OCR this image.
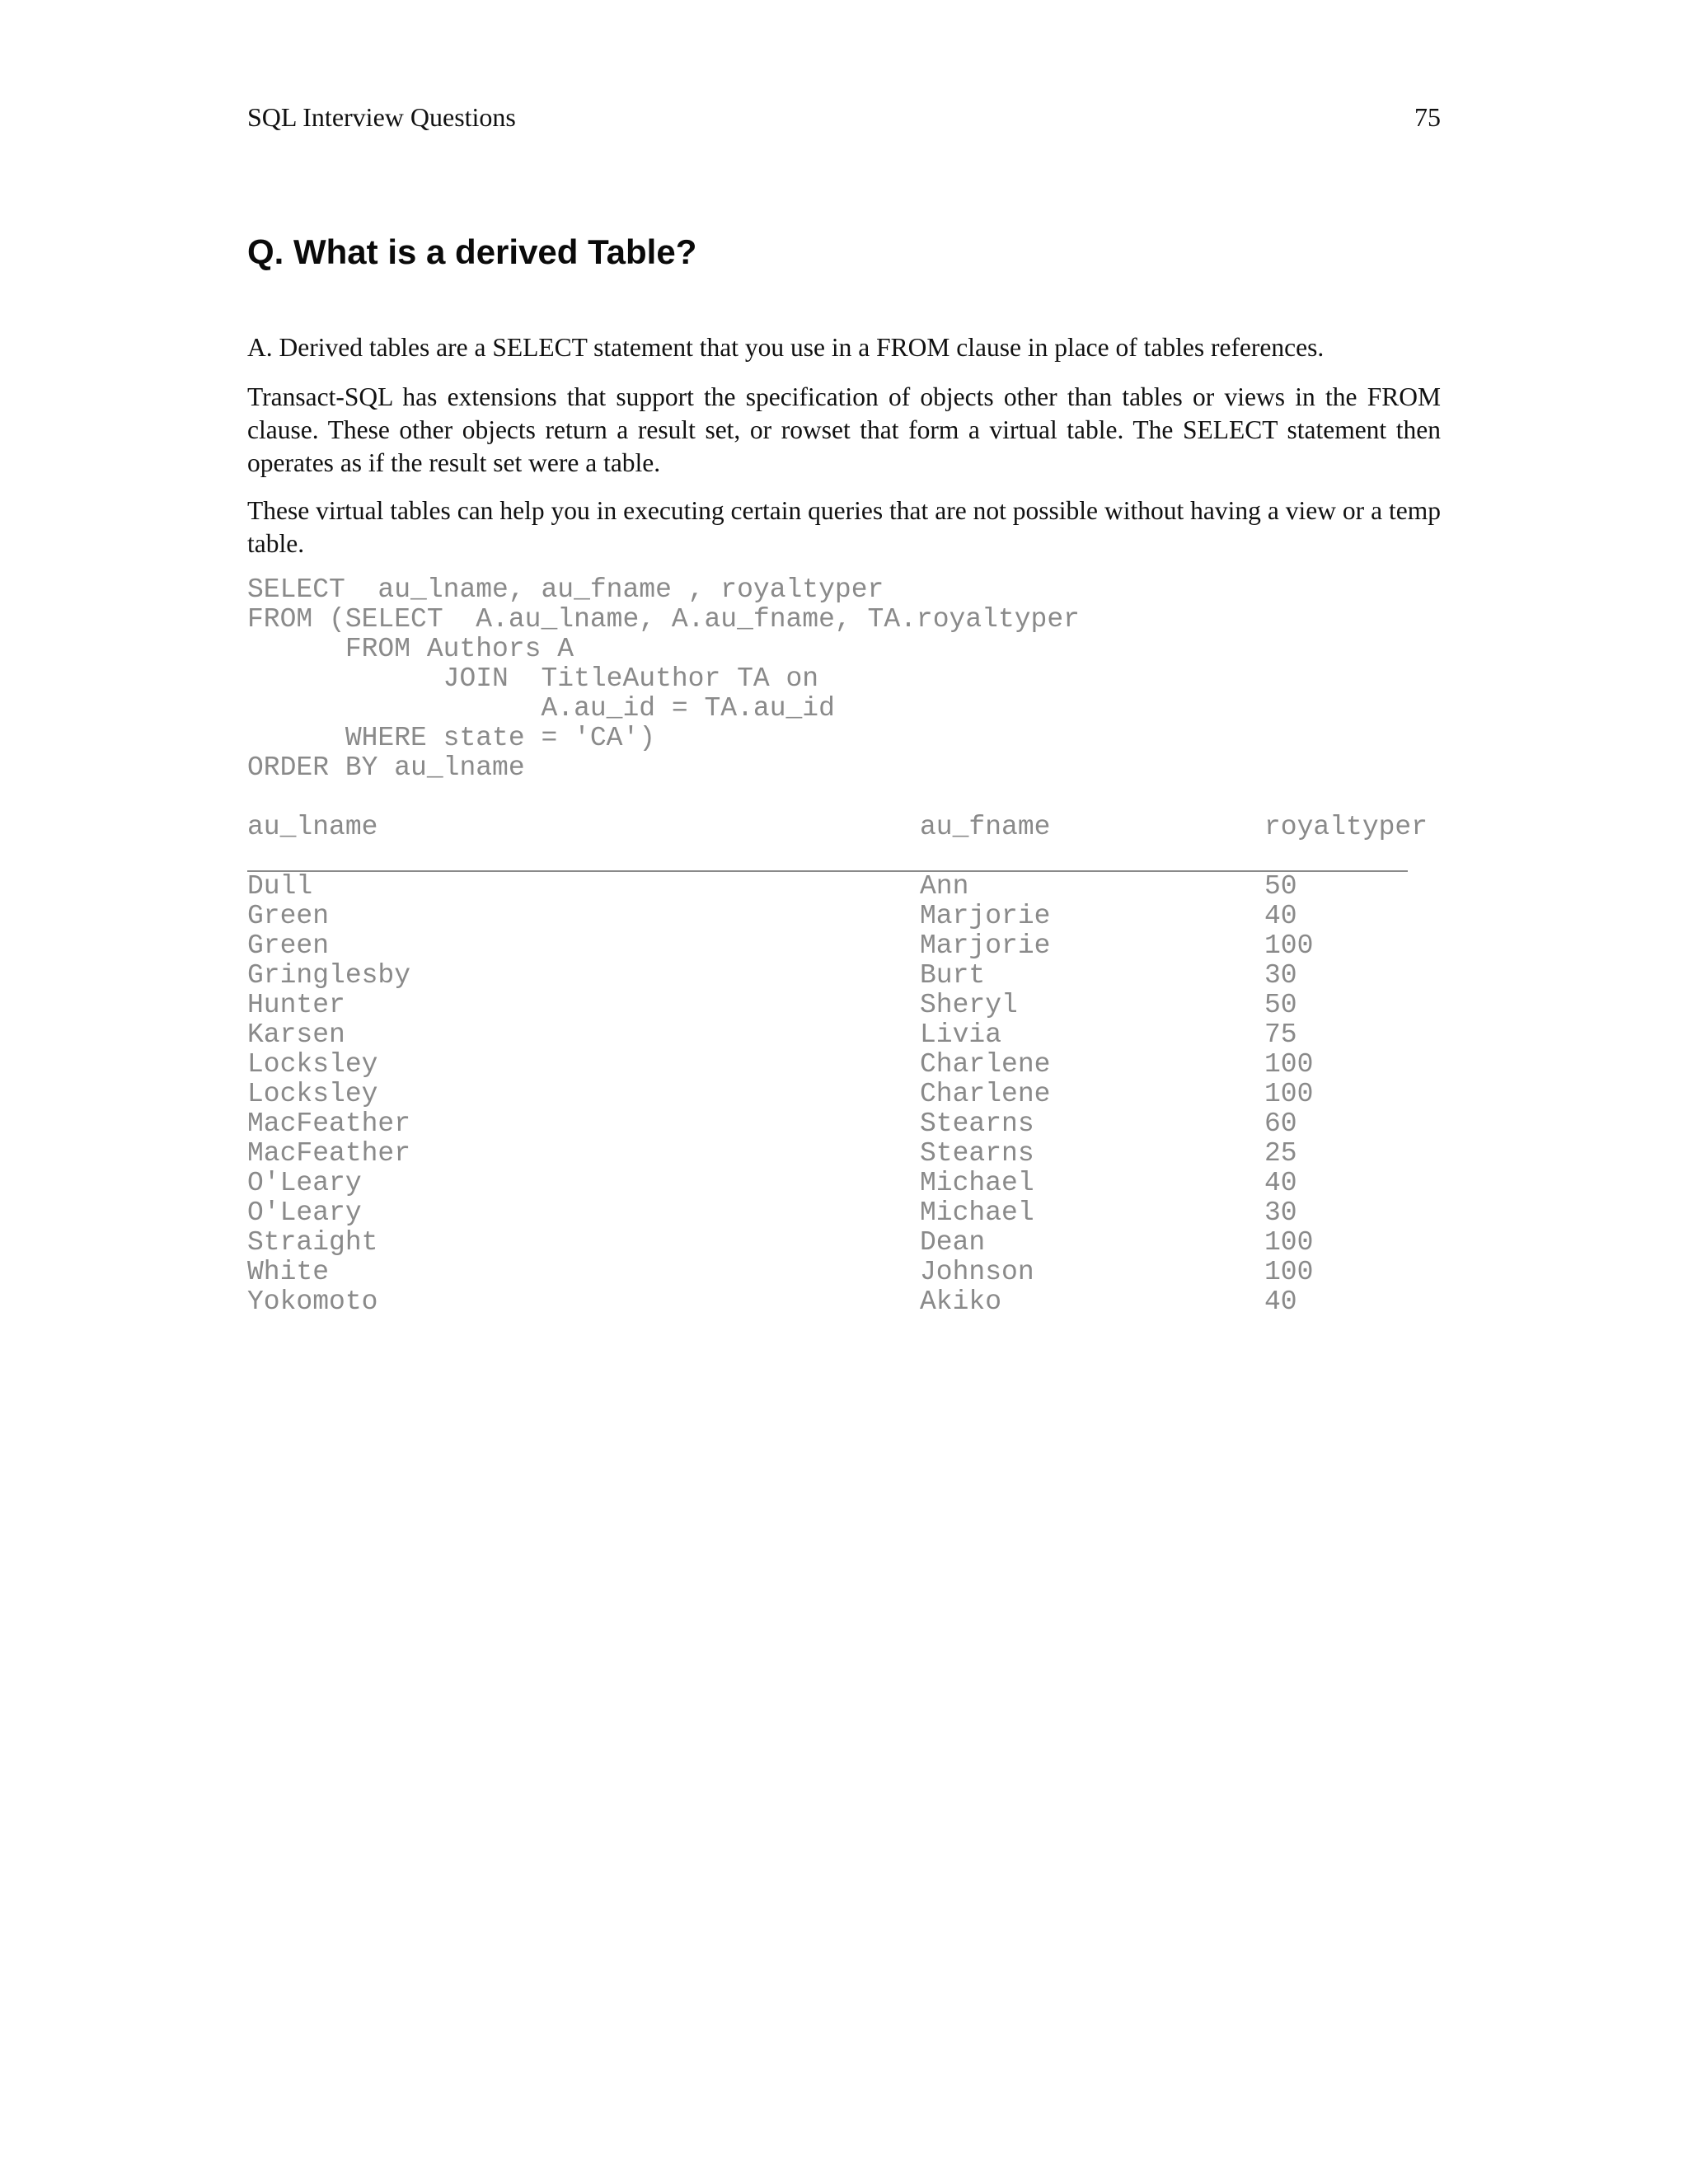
SQL Interview Questions	75
Q. What is a derived Table?

A. Derived tables are a SELECT statement that you use in a FROM clause in place of tables references.

Transact-SQL has extensions that support the specification of objects other than tables or views in the FROM clause. These other objects return a result set, or rowset that form a virtual table. The SELECT statement then operates as if the result set were a table.

These virtual tables can help you in executing certain queries that are not possible without having a view or a temp table.

SELECT  au_lname, au_fname , royaltyper
FROM (SELECT  A.au_lname, A.au_fname, TA.royaltyper
FROM Authors A
JOIN  TitleAuthor TA on
A.au_id = TA.au_id
WHERE state = 'CA')
ORDER BY au_lname
au_lname	au_fname	royaltyper
Dull	Ann	50
Green	Marjorie	40
Green	Marjorie	100
Gringlesby	Burt	30
Hunter	Sheryl	50
Karsen	Livia	75
Locksley	Charlene	100
Locksley	Charlene	100
MacFeather	Stearns	60
MacFeather	Stearns	25
O'Leary	Michael	40
O'Leary	Michael	30
Straight	Dean	100
White	Johnson	100
Yokomoto	Akiko	40
